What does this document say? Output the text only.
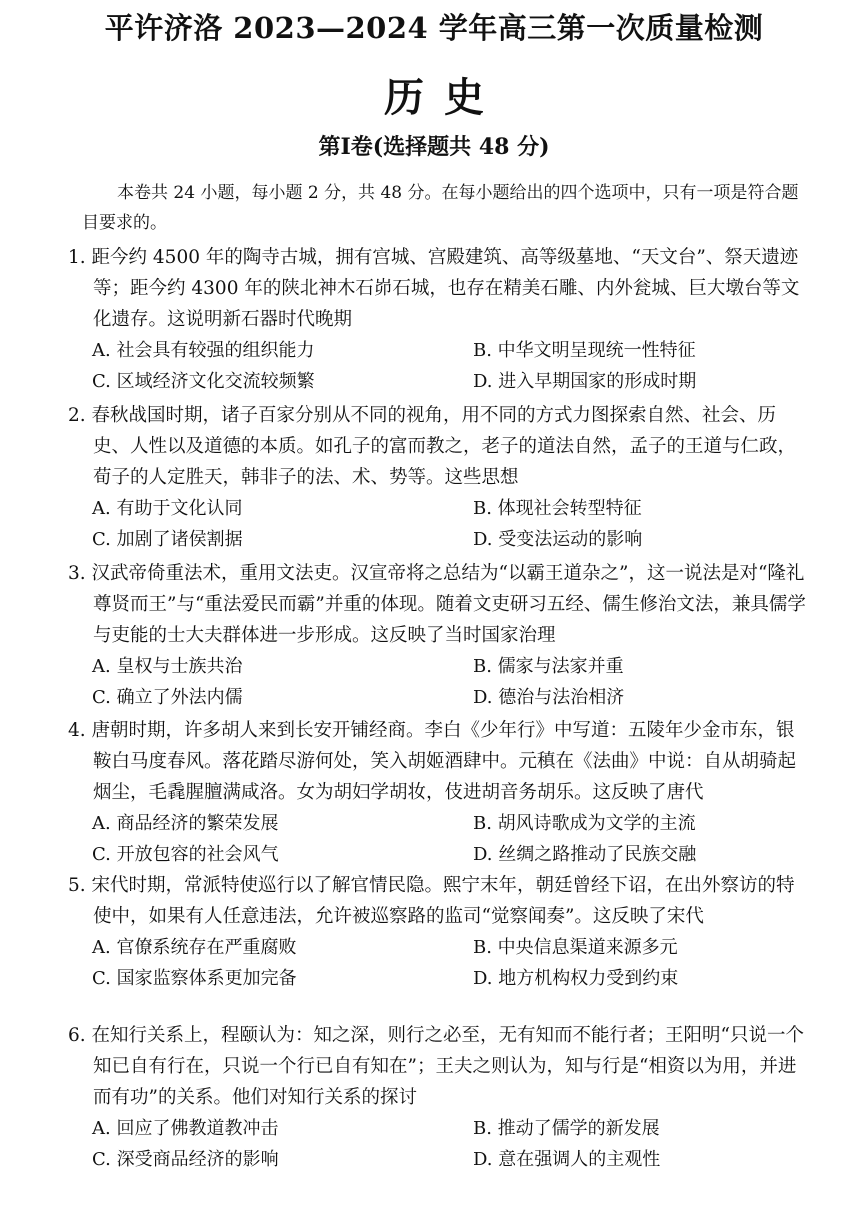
平许济洛 2023—2024 学年高三第一次质量检测
历史
第Ⅰ卷(选择题共 48 分)
本卷共 24 小题，每小题 2 分，共 48 分。在每小题给出的四个选项中，只有一项是符合题目要求的。
1. 距今约 4500 年的陶寺古城，拥有宫城、宫殿建筑、高等级墓地、“天文台”、祭天遗迹等；距今约 4300 年的陕北神木石峁石城，也存在精美石雕、内外瓮城、巨大墩台等文化遗存。这说明新石器时代晚期
A. 社会具有较强的组织能力	B. 中华文明呈现统一性特征
C. 区域经济文化交流较频繁	D. 进入早期国家的形成时期
2. 春秋战国时期，诸子百家分别从不同的视角，用不同的方式力图探索自然、社会、历史、人性以及道德的本质。如孔子的富而教之，老子的道法自然，孟子的王道与仁政，荀子的人定胜天，韩非子的法、术、势等。这些思想
A. 有助于文化认同	B. 体现社会转型特征
C. 加剧了诸侯割据	D. 受变法运动的影响
3. 汉武帝倚重法术，重用文法吏。汉宣帝将之总结为“以霸王道杂之”，这一说法是对“隆礼尊贤而王”与“重法爱民而霸”并重的体现。随着文吏研习五经、儒生修治文法，兼具儒学与吏能的士大夫群体进一步形成。这反映了当时国家治理
A. 皇权与士族共治	B. 儒家与法家并重
C. 确立了外法内儒	D. 德治与法治相济
4. 唐朝时期，许多胡人来到长安开铺经商。李白《少年行》中写道：五陵年少金市东，银鞍白马度春风。落花踏尽游何处，笑入胡姬酒肆中。元稹在《法曲》中说：自从胡骑起烟尘，毛毳腥膻满咸洛。女为胡妇学胡妆，伎进胡音务胡乐。这反映了唐代
A. 商品经济的繁荣发展	B. 胡风诗歌成为文学的主流
C. 开放包容的社会风气	D. 丝绸之路推动了民族交融
5. 宋代时期，常派特使巡行以了解官情民隐。熙宁末年，朝廷曾经下诏，在出外察访的特使中，如果有人任意违法，允许被巡察路的监司“觉察闻奏”。这反映了宋代
A. 官僚系统存在严重腐败	B. 中央信息渠道来源多元
C. 国家监察体系更加完备	D. 地方机构权力受到约束
6. 在知行关系上，程颐认为：知之深，则行之必至，无有知而不能行者；王阳明“只说一个知已自有行在，只说一个行已自有知在”；王夫之则认为，知与行是“相资以为用，并进而有功”的关系。他们对知行关系的探讨
A. 回应了佛教道教冲击	B. 推动了儒学的新发展
C. 深受商品经济的影响	D. 意在强调人的主观性
